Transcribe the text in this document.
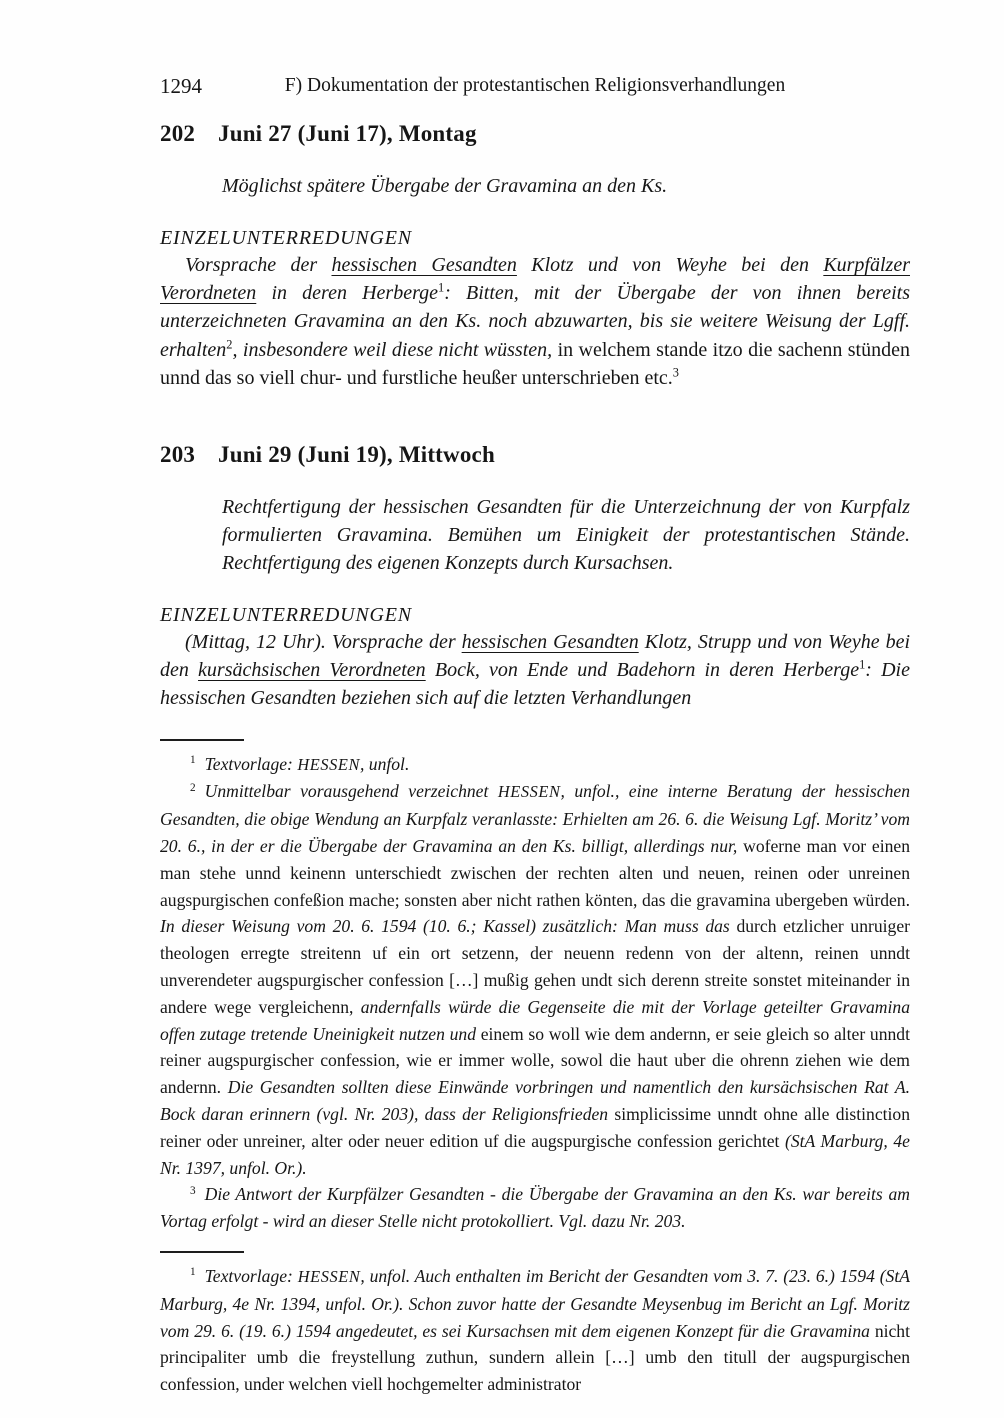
1294	F) Dokumentation der protestantischen Religionsverhandlungen
202 Juni 27 (Juni 17), Montag

Möglichst spätere Übergabe der Gravamina an den Ks.

EINZELUNTERREDUNGEN

Vorsprache der hessischen Gesandten Klotz und von Weyhe bei den Kurpfälzer Verordneten in deren Herberge$^1$: Bitten, mit der Übergabe der von ihnen bereits unterzeichneten Gravamina an den Ks. noch abzuwarten, bis sie weitere Weisung der Lgff. erhalten$^2$, insbesondere weil diese nicht wüssten, in welchem stande itzo die sachenn stünden unnd das so viell chur- und furstliche heußer unterschrieben etc.$^3$

203 Juni 29 (Juni 19), Mittwoch

Rechtfertigung der hessischen Gesandten für die Unterzeichnung der von Kurpfalz formulierten Gravamina. Bemühen um Einigkeit der protestantischen Stände. Rechtfertigung des eigenen Konzepts durch Kursachsen.

EINZELUNTERREDUNGEN

(Mittag, 12 Uhr). Vorsprache der hessischen Gesandten Klotz, Strupp und von Weyhe bei den kursächsischen Verordneten Bock, von Ende und Badehorn in deren Herberge$^1$: Die hessischen Gesandten beziehen sich auf die letzten Verhandlungen

$^1$ Textvorlage: HESSEN, unfol.

$^2$ Unmittelbar vorausgehend verzeichnet HESSEN, unfol., eine interne Beratung der hessischen Gesandten, die obige Wendung an Kurpfalz veranlasste: Erhielten am 26. 6. die Weisung Lgf. Moritz’ vom 20. 6., in der er die Übergabe der Gravamina an den Ks. billigt, allerdings nur, woferne man vor einen man stehe unnd keinenn unterschiedt zwischen der rechten alten und neuen, reinen oder unreinen augspurgischen confeßion mache; sonsten aber nicht rathen könten, das die gravamina ubergeben würden. In dieser Weisung vom 20. 6. 1594 (10. 6.; Kassel) zusätzlich: Man muss das durch etzlicher unruiger theologen erregte streitenn uf ein ort setzenn, der neuenn redenn von der altenn, reinen unndt unverendeter augspurgischer confession […] mußig gehen undt sich derenn streite sonstet miteinander in andere wege vergleichenn, andernfalls würde die Gegenseite die mit der Vorlage geteilter Gravamina offen zutage tretende Uneinigkeit nutzen und einem so woll wie dem andernn, er seie gleich so alter unndt reiner augspurgischer confession, wie er immer wolle, sowol die haut uber die ohrenn ziehen wie dem andernn. Die Gesandten sollten diese Einwände vorbringen und namentlich den kursächsischen Rat A. Bock daran erinnern (vgl. Nr. 203), dass der Religionsfrieden simplicissime unndt ohne alle distinction reiner oder unreiner, alter oder neuer edition uf die augspurgische confession gerichtet (StA Marburg, 4e Nr. 1397, unfol. Or.).

$^3$ Die Antwort der Kurpfälzer Gesandten - die Übergabe der Gravamina an den Ks. war bereits am Vortag erfolgt - wird an dieser Stelle nicht protokolliert. Vgl. dazu Nr. 203.

$^1$ Textvorlage: HESSEN, unfol. Auch enthalten im Bericht der Gesandten vom 3. 7. (23. 6.) 1594 (StA Marburg, 4e Nr. 1394, unfol. Or.). Schon zuvor hatte der Gesandte Meysenbug im Bericht an Lgf. Moritz vom 29. 6. (19. 6.) 1594 angedeutet, es sei Kursachsen mit dem eigenen Konzept für die Gravamina nicht principaliter umb die freystellung zuthun, sundern allein […] umb den titull der augspurgischen confession, under welchen viell hochgemelter administrator
